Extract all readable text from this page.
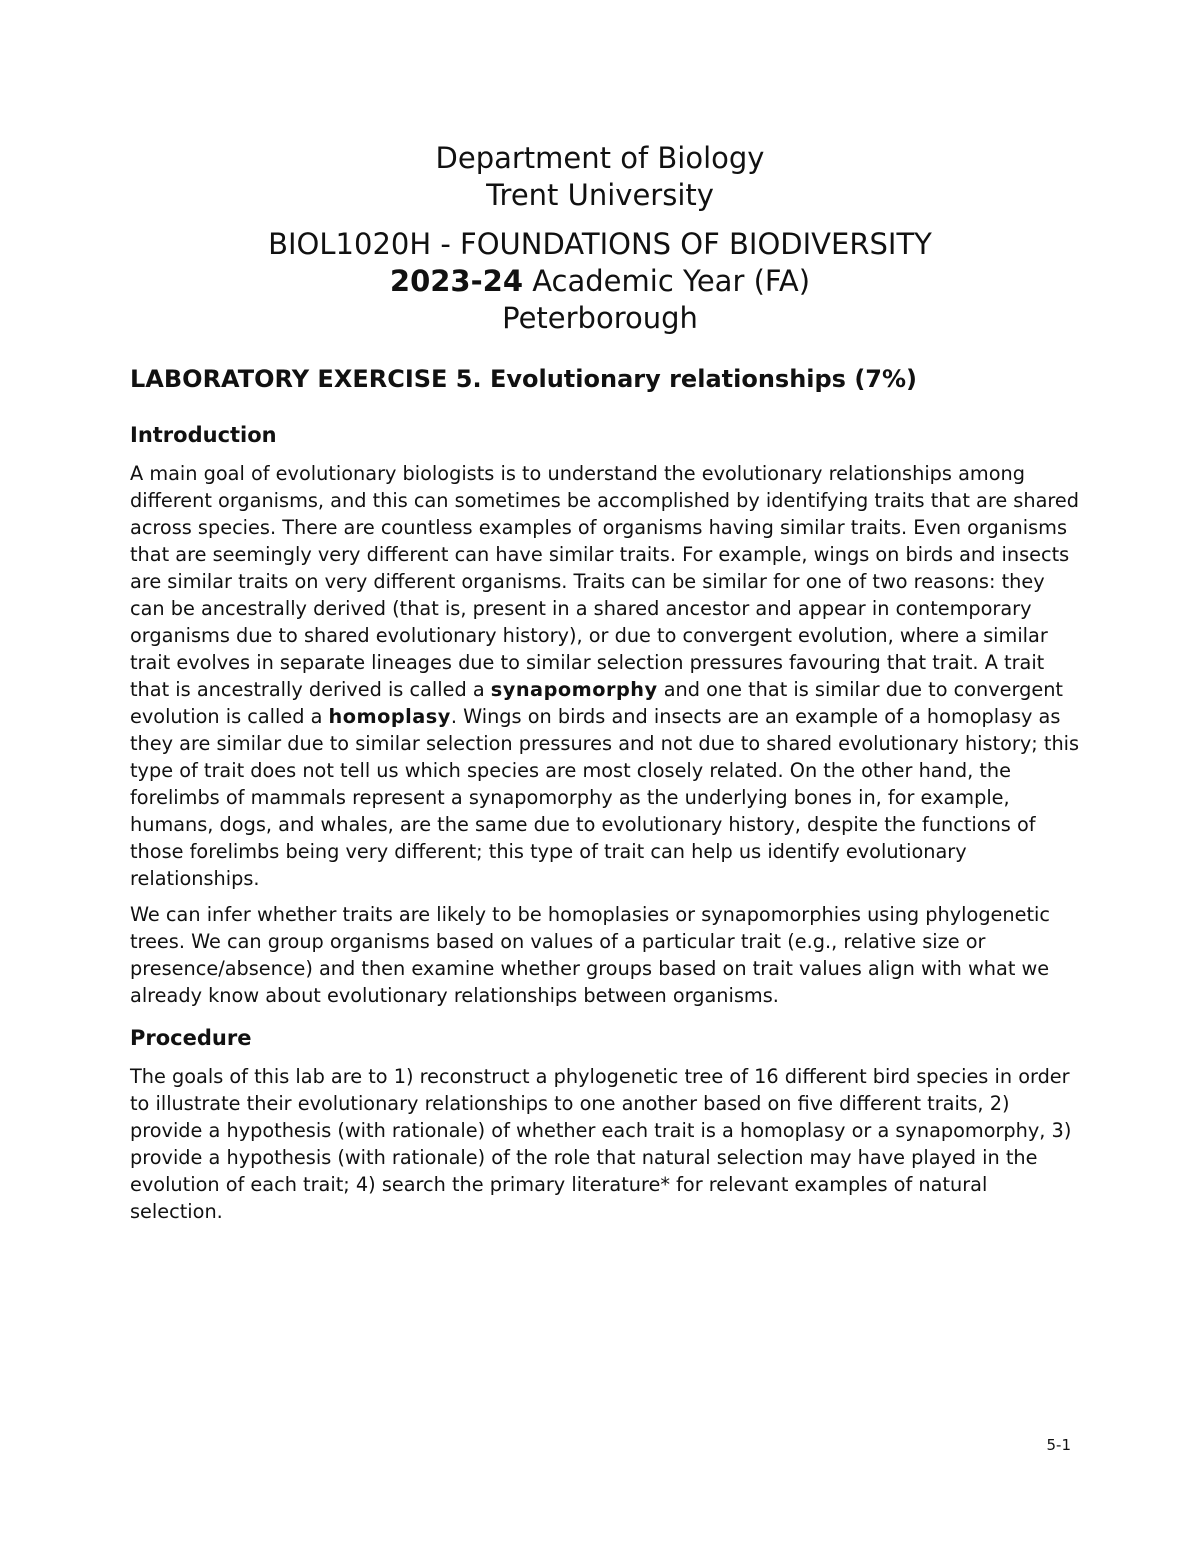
Department of Biology
Trent University
BIOL1020H - FOUNDATIONS OF BIODIVERSITY
2023-24 Academic Year (FA)
Peterborough
LABORATORY EXERCISE 5. Evolutionary relationships (7%)
Introduction

A main goal of evolutionary biologists is to understand the evolutionary relationships among different organisms, and this can sometimes be accomplished by identifying traits that are shared across species. There are countless examples of organisms having similar traits. Even organisms that are seemingly very different can have similar traits. For example, wings on birds and insects are similar traits on very different organisms. Traits can be similar for one of two reasons: they can be ancestrally derived (that is, present in a shared ancestor and appear in contemporary organisms due to shared evolutionary history), or due to convergent evolution, where a similar trait evolves in separate lineages due to similar selection pressures favouring that trait. A trait that is ancestrally derived is called a synapomorphy and one that is similar due to convergent evolution is called a homoplasy. Wings on birds and insects are an example of a homoplasy as they are similar due to similar selection pressures and not due to shared evolutionary history; this type of trait does not tell us which species are most closely related. On the other hand, the forelimbs of mammals represent a synapomorphy as the underlying bones in, for example, humans, dogs, and whales, are the same due to evolutionary history, despite the functions of those forelimbs being very different; this type of trait can help us identify evolutionary relationships.

We can infer whether traits are likely to be homoplasies or synapomorphies using phylogenetic trees. We can group organisms based on values of a particular trait (e.g., relative size or presence/absence) and then examine whether groups based on trait values align with what we already know about evolutionary relationships between organisms.

Procedure

The goals of this lab are to 1) reconstruct a phylogenetic tree of 16 different bird species in order to illustrate their evolutionary relationships to one another based on five different traits, 2) provide a hypothesis (with rationale) of whether each trait is a homoplasy or a synapomorphy, 3) provide a hypothesis (with rationale) of the role that natural selection may have played in the evolution of each trait; 4) search the primary literature* for relevant examples of natural selection.

5-1
